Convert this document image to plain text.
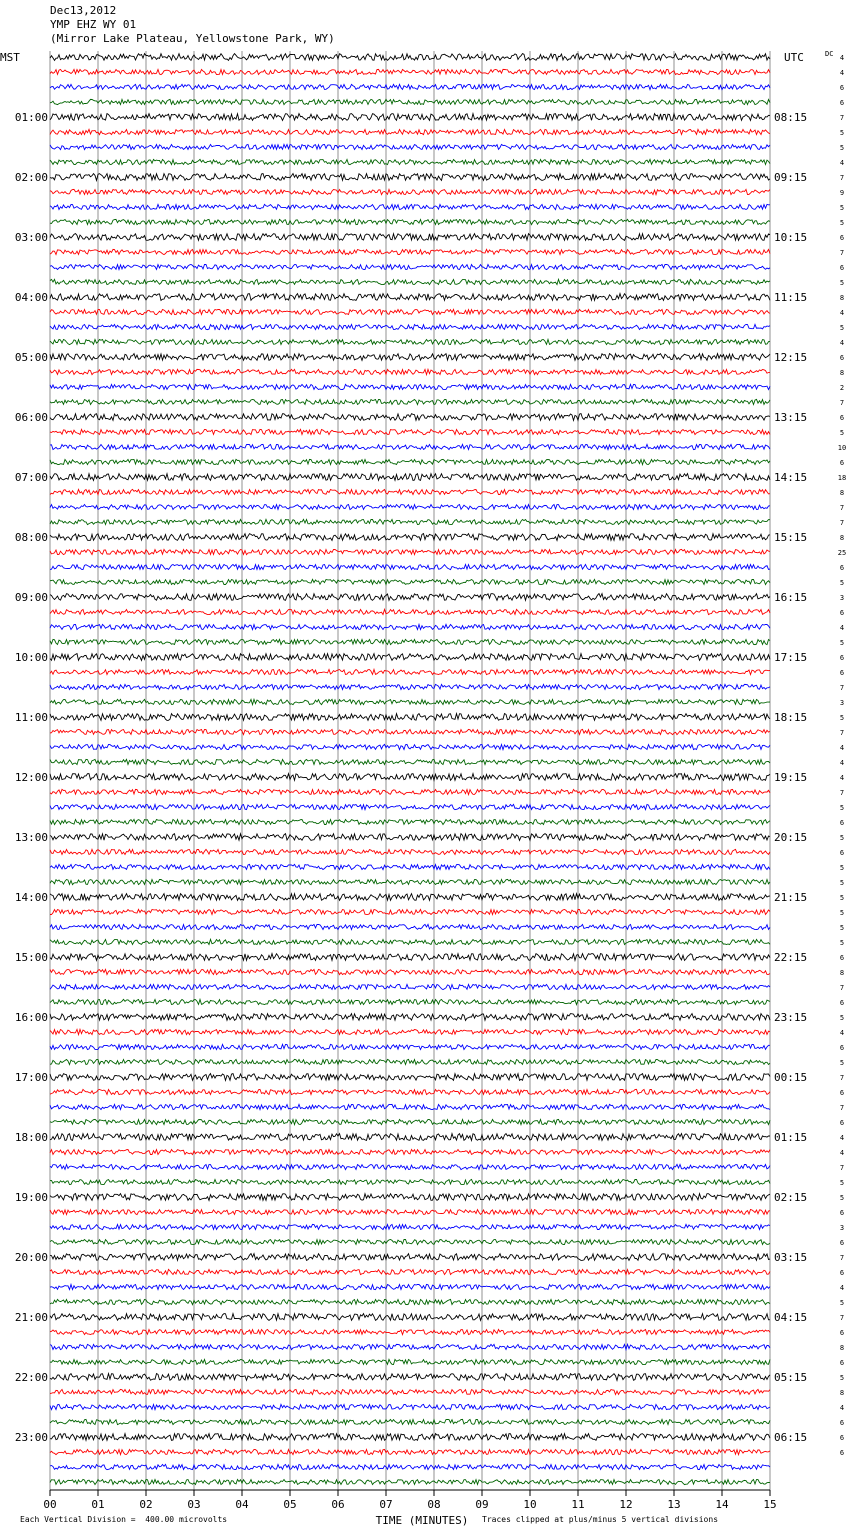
Dec13,2012
YMP EHZ WY 01
(Mirror Lake Plateau, Yellowstone Park, WY)
MST	UTC	DC
01:00
02:00
03:00
04:00
05:00
06:00
07:00
08:00
09:00
10:00
11:00
12:00
13:00
14:00
15:00
16:00
17:00
18:00
19:00
20:00
21:00
22:00
23:00
08:15
09:15
10:15
11:15
12:15
13:15
14:15
15:15
16:15
17:15
18:15
19:15
20:15
21:15
22:15
23:15
00:15
01:15
02:15
03:15
04:15
05:15
06:15
4
4
6
6
7
5
5
4
7
9
5
5
6
7
6
5
8
4
5
4
6
8
2
7
6
5
10
6
18
8
7
7
8
25
6
5
3
6
4
5
6
6
7
3
5
7
4
4
4
7
5
6
5
6
5
5
5
5
5
5
6
8
7
6
5
4
6
5
7
6
7
6
4
4
7
5
5
6
3
6
7
6
4
5
7
6
8
6
5
8
4
6
6
6
00	01	02	03	04	05	06	07	08	09	10	11	12	13	14	15
TIME (MINUTES)
Each Vertical Division =  400.00 microvolts	Traces clipped at plus/minus 5 vertical divisions
